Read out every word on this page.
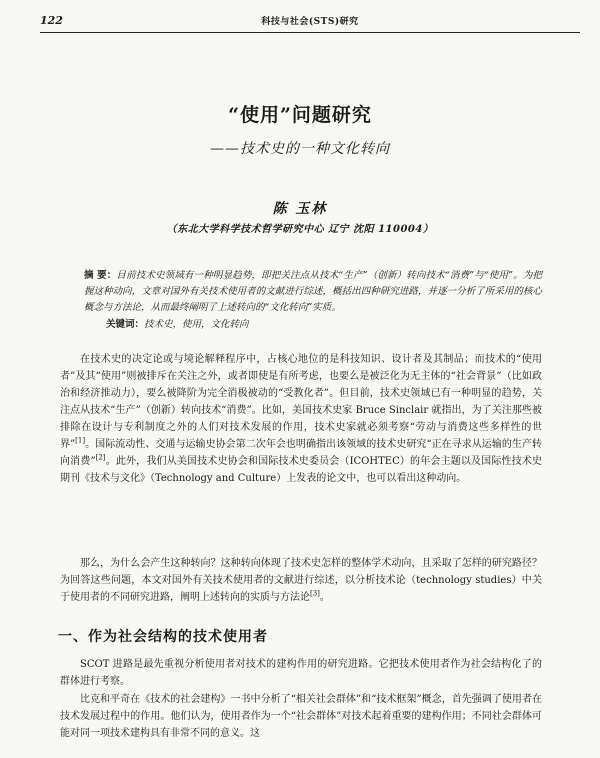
122	科技与社会(STS)研究
“使用”问题研究
——技术史的一种文化转向
陈 玉林
（东北大学科学技术哲学研究中心 辽宁 沈阳 110004）
摘 要：目前技术史领域有一种明显趋势，即把关注点从技术“生产”（创新）转向技术“消费”与“使用”。为把握这种动向，文章对国外有关技术使用者的文献进行综述，概括出四种研究进路，并逐一分析了所采用的核心概念与方法论，从而最终阐明了上述转向的“文化转向”实质。
关键词：技术史，使用，文化转向
在技术史的决定论或与境论解释程序中，占核心地位的是科技知识、设计者及其制品；而技术的“使用者”及其“使用”则被排斥在关注之外，或者即使是有所考虑，也要么是被泛化为无主体的“社会背景”（比如政治和经济推动力），要么被降阶为完全消极被动的“受教化者”。但目前，技术史领域已有一种明显的趋势，关注点从技术“生产”（创新）转向技术“消费”。比如，美国技术史家 Bruce Sinclair 就指出，为了关注那些被排除在设计与专利制度之外的人们对技术发展的作用，技术史家就必须考察“劳动与消费这些多样性的世界”[1]。国际流动性、交通与运输史协会第二次年会也明确指出该领域的技术史研究“正在寻求从运输的生产转向消费”[2]。此外，我们从美国技术史协会和国际技术史委员会（ICOHTEC）的年会主题以及国际性技术史期刊《技术与文化》（Technology and Culture）上发表的论文中，也可以看出这种动向。
那么，为什么会产生这种转向？这种转向体现了技术史怎样的整体学术动向，且采取了怎样的研究路径？为回答这些问题，本文对国外有关技术使用者的文献进行综述，以分析技术论（technology studies）中关于使用者的不同研究进路，阐明上述转向的实质与方法论[3]。
一、作为社会结构的技术使用者
SCOT 进路是最先重视分析使用者对技术的建构作用的研究进路。它把技术使用者作为社会结构化了的群体进行考察。
比克和平奇在《技术的社会建构》一书中分析了“相关社会群体”和“技术框架”概念，首先强调了使用者在技术发展过程中的作用。他们认为，使用者作为一个“社会群体”对技术起着重要的建构作用；不同社会群体可能对同一项技术建构具有非常不同的意义。这
